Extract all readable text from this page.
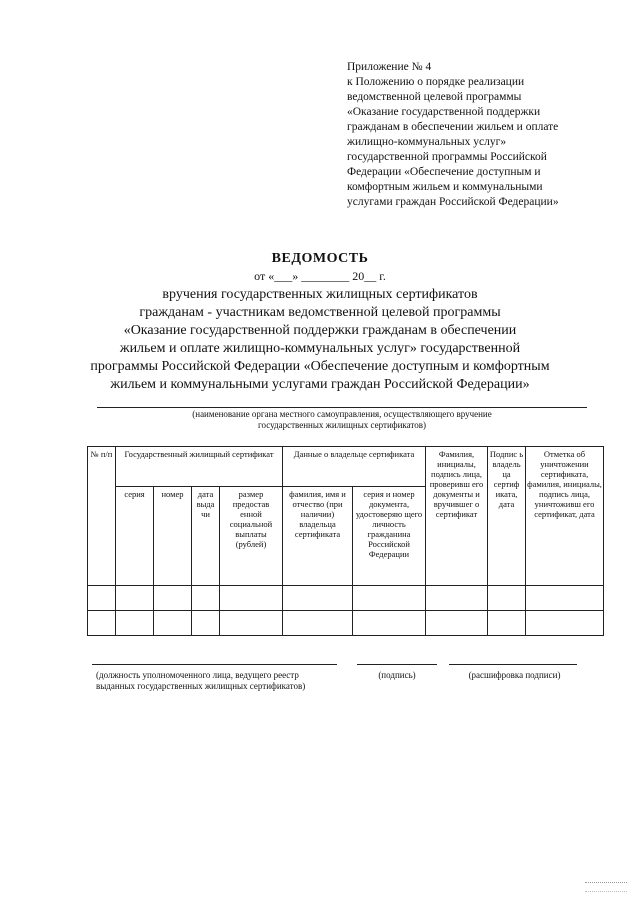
Приложение № 4
к Положению о порядке реализации
ведомственной целевой программы
«Оказание государственной поддержки
гражданам в обеспечении жильем и оплате
жилищно-коммунальных услуг»
государственной программы Российской
Федерации «Обеспечение доступным и
комфортным жильем и коммунальными
услугами граждан Российской Федерации»
ВЕДОМОСТЬ
от «___» ________ 20__ г.
вручения государственных жилищных сертификатов
гражданам - участникам ведомственной целевой программы
«Оказание государственной поддержки гражданам в обеспечении
жильем и оплате жилищно-коммунальных услуг» государственной
программы Российской Федерации «Обеспечение доступным и комфортным
жильем и коммунальными услугами граждан Российской Федерации»
(наименование органа местного самоуправления, осуществляющего вручение
государственных жилищных сертификатов)
№ п/п	Государственный жилищный сертификат				Данные о владельце сертификата		Фамилия, инициалы, подпись лица, проверивш его документы и вручившег о сертификат	Подпис ь владель ца сертиф иката, дата	Отметка об уничтожении сертификата, фамилия, инициалы, подпись лица, уничтоживш его сертификат, дата
	серия	номер	дата выда чи	размер предостав енной социальной выплаты (рублей)	фамилия, имя и отчество (при наличии) владельца сертификата	серия и номер документа, удостоверяю щего личность гражданина Российской Федерации			

(должность уполномоченного лица, ведущего реестр выданных государственных жилищных сертификатов)
(подпись)	(расшифровка подписи)
